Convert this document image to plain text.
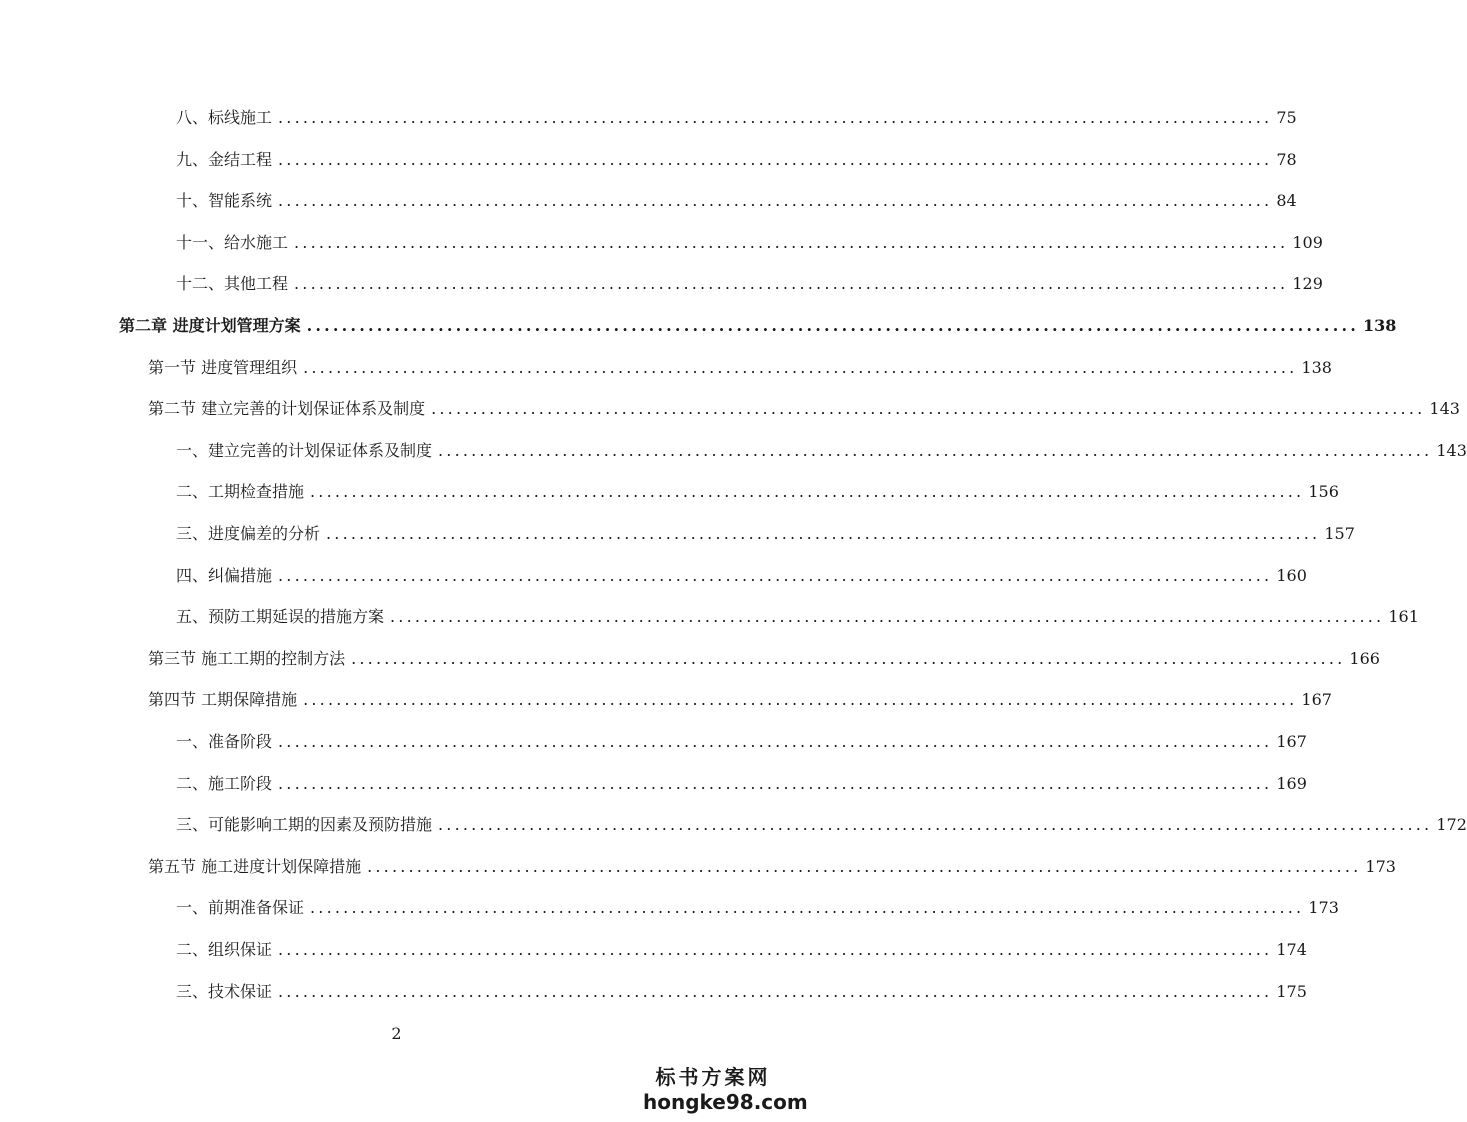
八、标线施工 ........................................................................................................................ 75
九、金结工程 ........................................................................................................................ 78
十、智能系统 ........................................................................................................................ 84
十一、给水施工 ........................................................................................................................ 109
十二、其他工程 ........................................................................................................................ 129
第二章 进度计划管理方案 ........................................................................................................................ 138
第一节 进度管理组织 ........................................................................................................................ 138
第二节 建立完善的计划保证体系及制度 ........................................................................................................................ 143
一、建立完善的计划保证体系及制度 ........................................................................................................................ 143
二、工期检查措施 ........................................................................................................................ 156
三、进度偏差的分析 ........................................................................................................................ 157
四、纠偏措施 ........................................................................................................................ 160
五、预防工期延误的措施方案 ........................................................................................................................ 161
第三节 施工工期的控制方法 ........................................................................................................................ 166
第四节 工期保障措施 ........................................................................................................................ 167
一、准备阶段 ........................................................................................................................ 167
二、施工阶段 ........................................................................................................................ 169
三、可能影响工期的因素及预防措施 ........................................................................................................................ 172
第五节 施工进度计划保障措施 ........................................................................................................................ 173
一、前期准备保证 ........................................................................................................................ 173
二、组织保证 ........................................................................................................................ 174
三、技术保证 ........................................................................................................................ 175
2
标书方案网
hongke98.com
